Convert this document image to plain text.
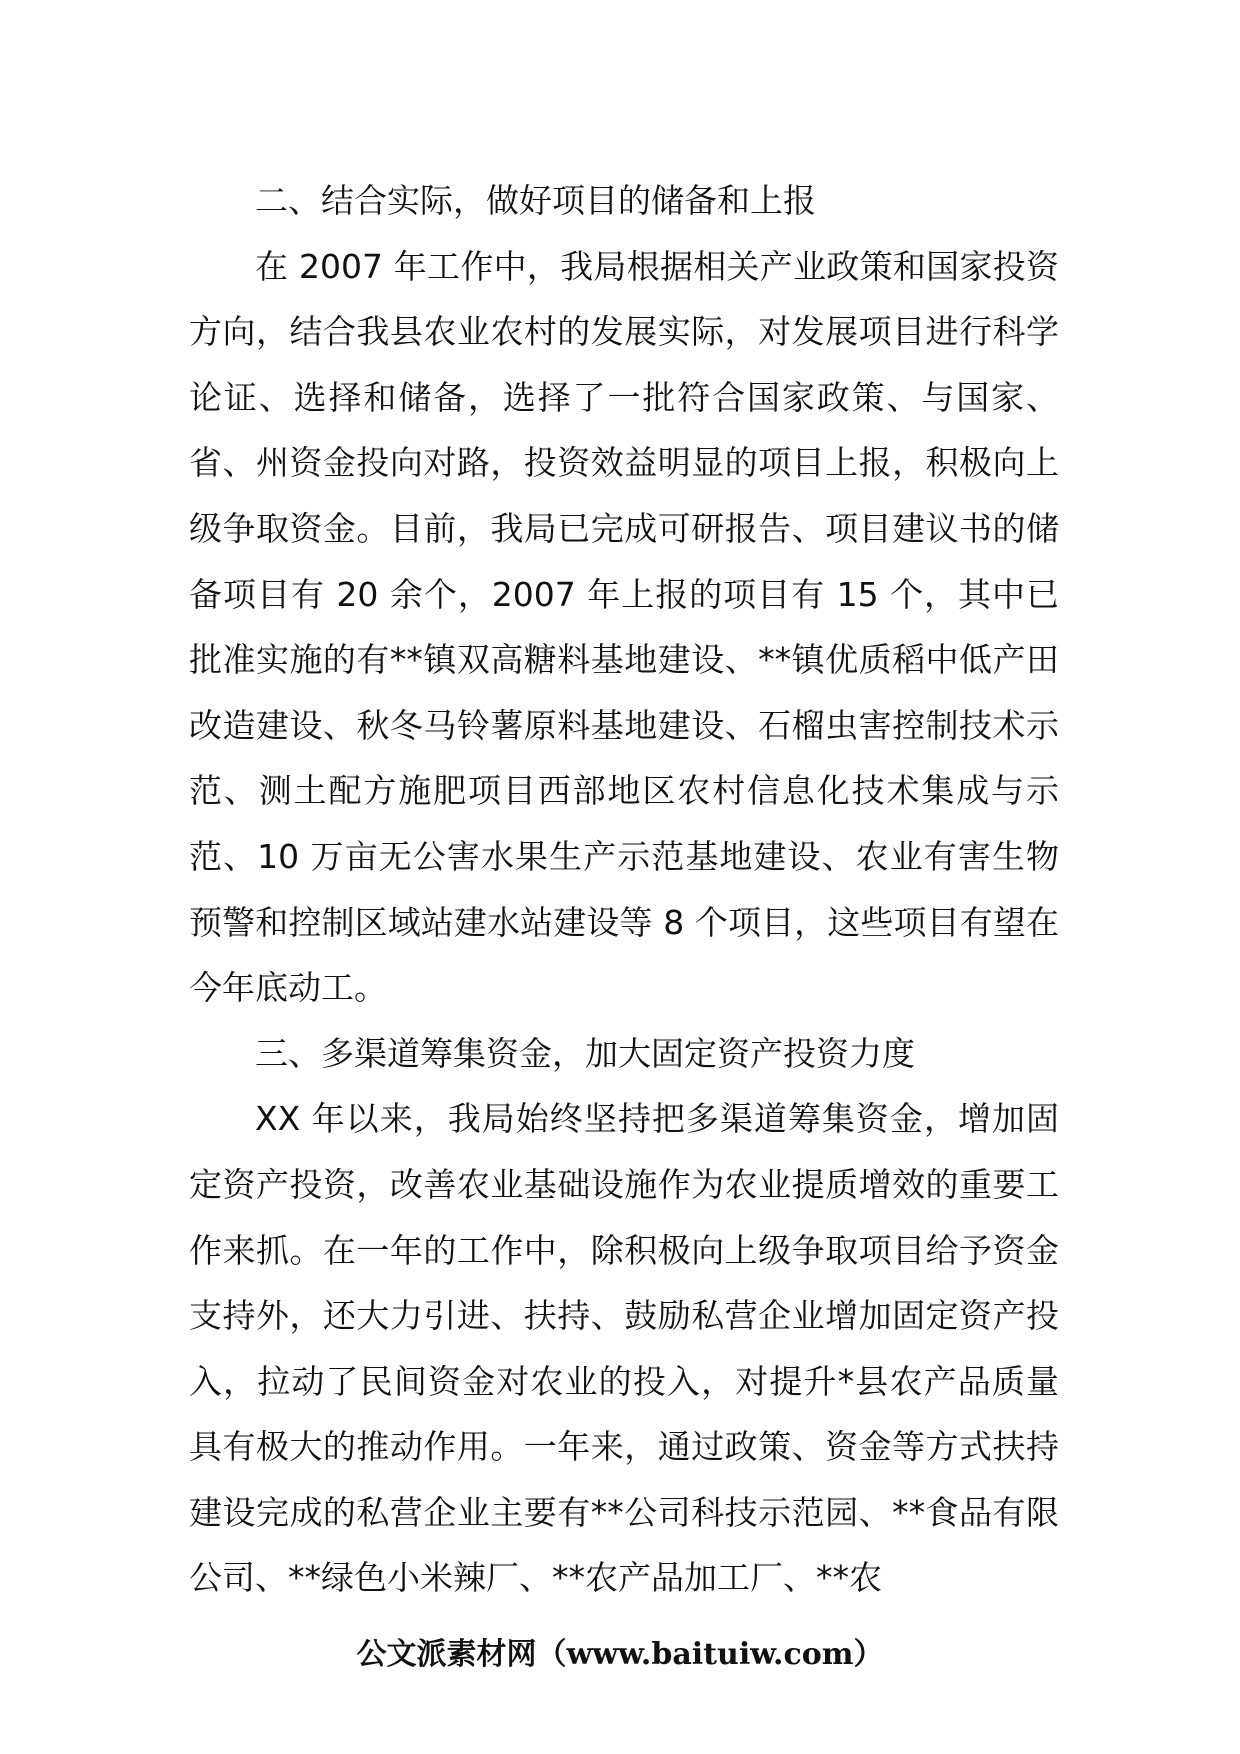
二、结合实际，做好项目的储备和上报

在 2007 年工作中，我局根据相关产业政策和国家投资方向，结合我县农业农村的发展实际，对发展项目进行科学论证、选择和储备，选择了一批符合国家政策、与国家、省、州资金投向对路，投资效益明显的项目上报，积极向上级争取资金。目前，我局已完成可研报告、项目建议书的储备项目有 20 余个，2007 年上报的项目有 15 个，其中已批准实施的有**镇双高糖料基地建设、**镇优质稻中低产田改造建设、秋冬马铃薯原料基地建设、石榴虫害控制技术示范、测土配方施肥项目西部地区农村信息化技术集成与示范、10 万亩无公害水果生产示范基地建设、农业有害生物预警和控制区域站建水站建设等 8 个项目，这些项目有望在今年底动工。

三、多渠道筹集资金，加大固定资产投资力度

XX 年以来，我局始终坚持把多渠道筹集资金，增加固定资产投资，改善农业基础设施作为农业提质增效的重要工作来抓。在一年的工作中，除积极向上级争取项目给予资金支持外，还大力引进、扶持、鼓励私营企业增加固定资产投入，拉动了民间资金对农业的投入，对提升*县农产品质量具有极大的推动作用。一年来，通过政策、资金等方式扶持建设完成的私营企业主要有**公司科技示范园、**食品有限公司、**绿色小米辣厂、**农产品加工厂、**农

公文派素材网（www.baituiw.com）
